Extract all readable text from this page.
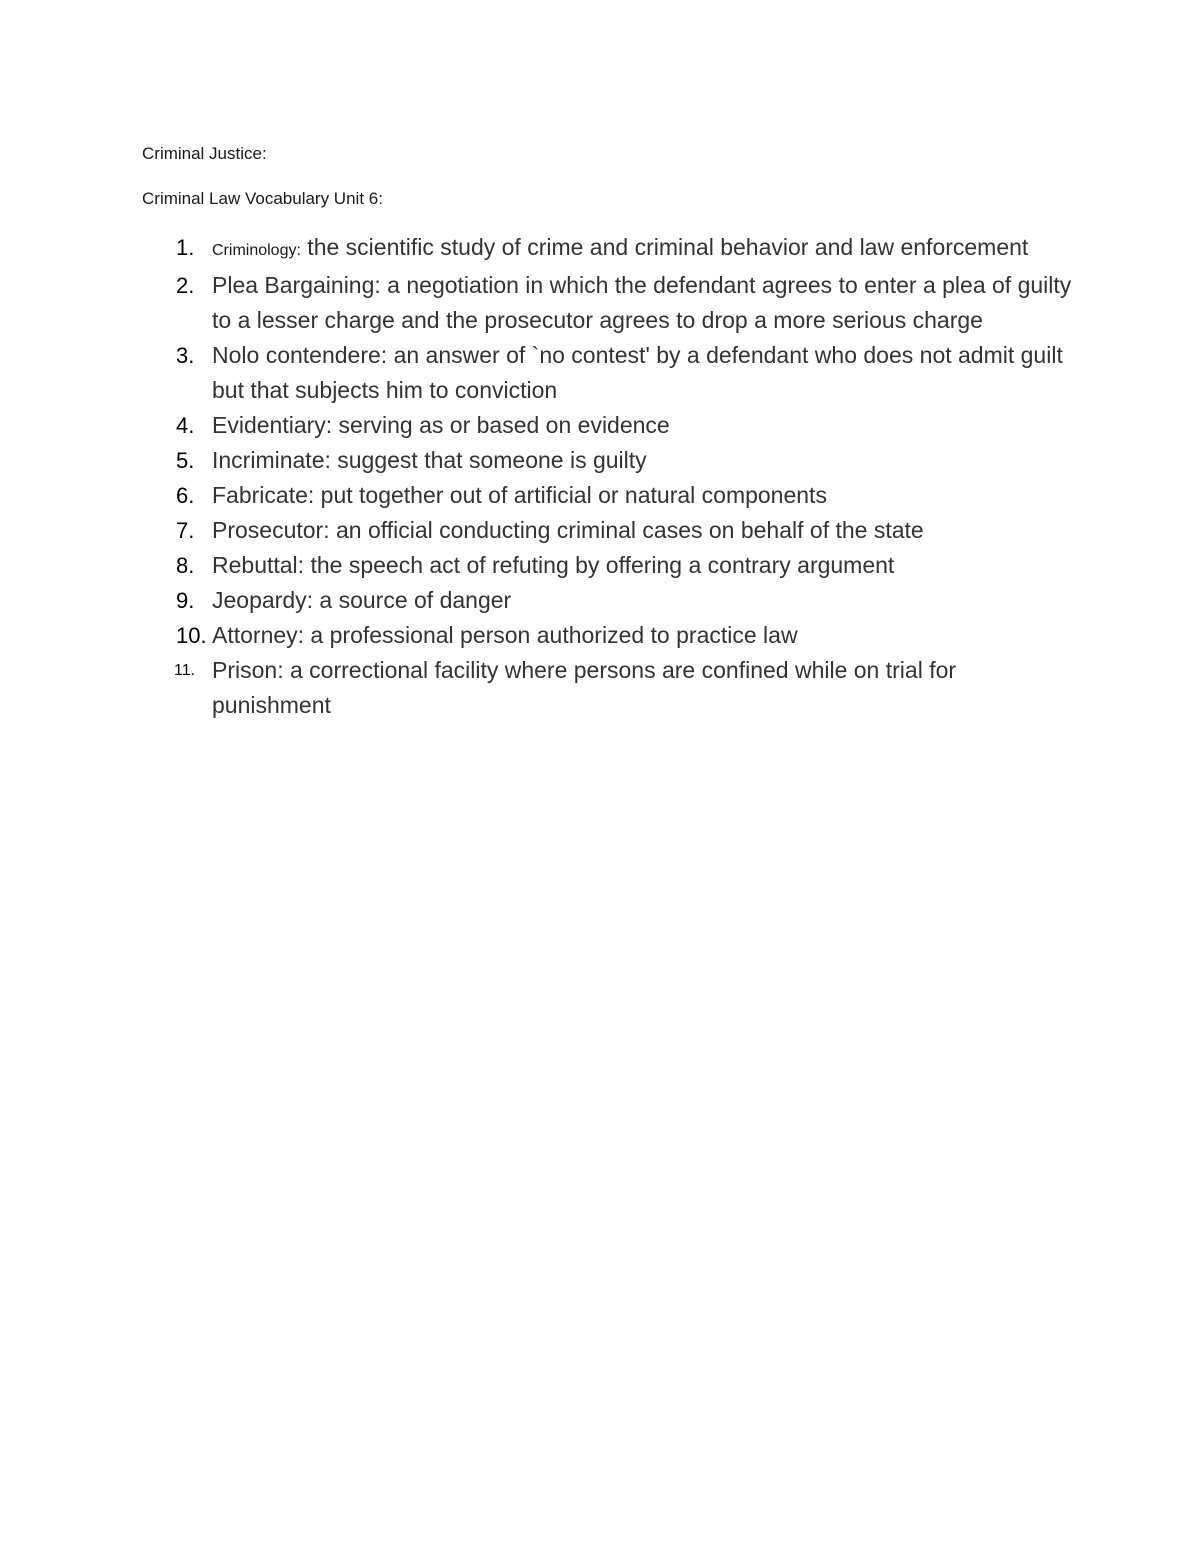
Criminal Justice:
Criminal Law Vocabulary Unit 6:
1. Criminology: the scientific study of crime and criminal behavior and law enforcement
2. Plea Bargaining: a negotiation in which the defendant agrees to enter a plea of guilty to a lesser charge and the prosecutor agrees to drop a more serious charge
3. Nolo contendere: an answer of `no contest' by a defendant who does not admit guilt but that subjects him to conviction
4. Evidentiary: serving as or based on evidence
5. Incriminate: suggest that someone is guilty
6. Fabricate: put together out of artificial or natural components
7. Prosecutor: an official conducting criminal cases on behalf of the state
8. Rebuttal: the speech act of refuting by offering a contrary argument
9. Jeopardy: a source of danger
10. Attorney: a professional person authorized to practice law
11. Prison: a correctional facility where persons are confined while on trial for punishment
